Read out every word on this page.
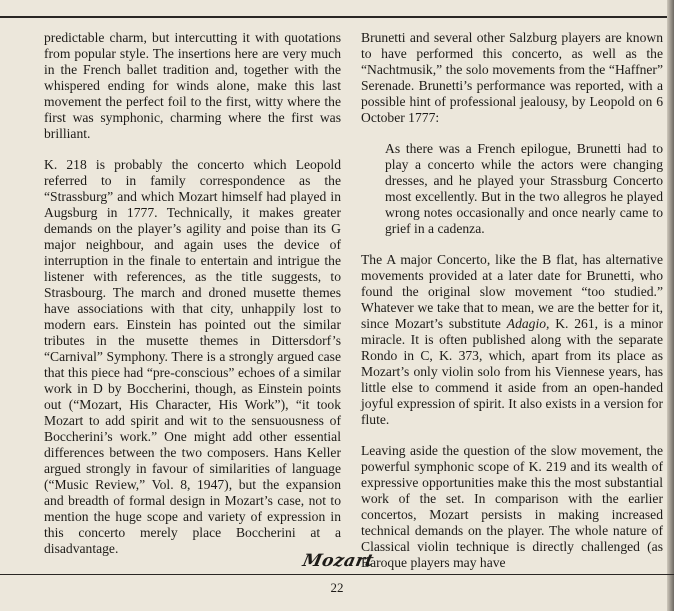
predictable charm, but intercutting it with quotations from popular style. The insertions here are very much in the French ballet tradition and, together with the whispered ending for winds alone, make this last movement the perfect foil to the first, witty where the first was symphonic, charming where the first was brilliant.

K. 218 is probably the concerto which Leopold referred to in family correspondence as the “Strassburg” and which Mozart himself had played in Augsburg in 1777. Technically, it makes greater demands on the player’s agility and poise than its G major neighbour, and again uses the device of interruption in the finale to entertain and intrigue the listener with references, as the title suggests, to Strasbourg. The march and droned musette themes have associations with that city, unhappily lost to modern ears. Einstein has pointed out the similar tributes in the musette themes in Dittersdorf’s “Carnival” Symphony. There is a strongly argued case that this piece had “pre-conscious” echoes of a similar work in D by Boccherini, though, as Einstein points out (“Mozart, His Character, His Work”), “it took Mozart to add spirit and wit to the sensuousness of Boccherini’s work.” One might add other essential differences between the two composers. Hans Keller argued strongly in favour of similarities of language (“Music Review,” Vol. 8, 1947), but the expansion and breadth of formal design in Mozart’s case, not to mention the huge scope and variety of expression in this concerto merely place Boccherini at a disadvantage.

Brunetti and several other Salzburg players are known to have performed this concerto, as well as the “Nachtmusik,” the solo movements from the “Haffner” Serenade. Brunetti’s performance was reported, with a possible hint of professional jealousy, by Leopold on 6 October 1777:

As there was a French epilogue, Brunetti had to play a concerto while the actors were changing dresses, and he played your Strassburg Concerto most excellently. But in the two allegros he played wrong notes occasionally and once nearly came to grief in a cadenza.

The A major Concerto, like the B flat, has alternative movements provided at a later date for Brunetti, who found the original slow movement “too studied.” Whatever we take that to mean, we are the better for it, since Mozart’s substitute Adagio, K. 261, is a minor miracle. It is often published along with the separate Rondo in C, K. 373, which, apart from its place as Mozart’s only violin solo from his Viennese years, has little else to commend it aside from an open-handed joyful expression of spirit. It also exists in a version for flute.

Leaving aside the question of the slow movement, the powerful symphonic scope of K. 219 and its wealth of expressive opportunities make this the most substantial work of the set. In comparison with the earlier concertos, Mozart persists in making increased technical demands on the player. The whole nature of Classical violin technique is directly challenged (as Baroque players may have

Mozart
22
